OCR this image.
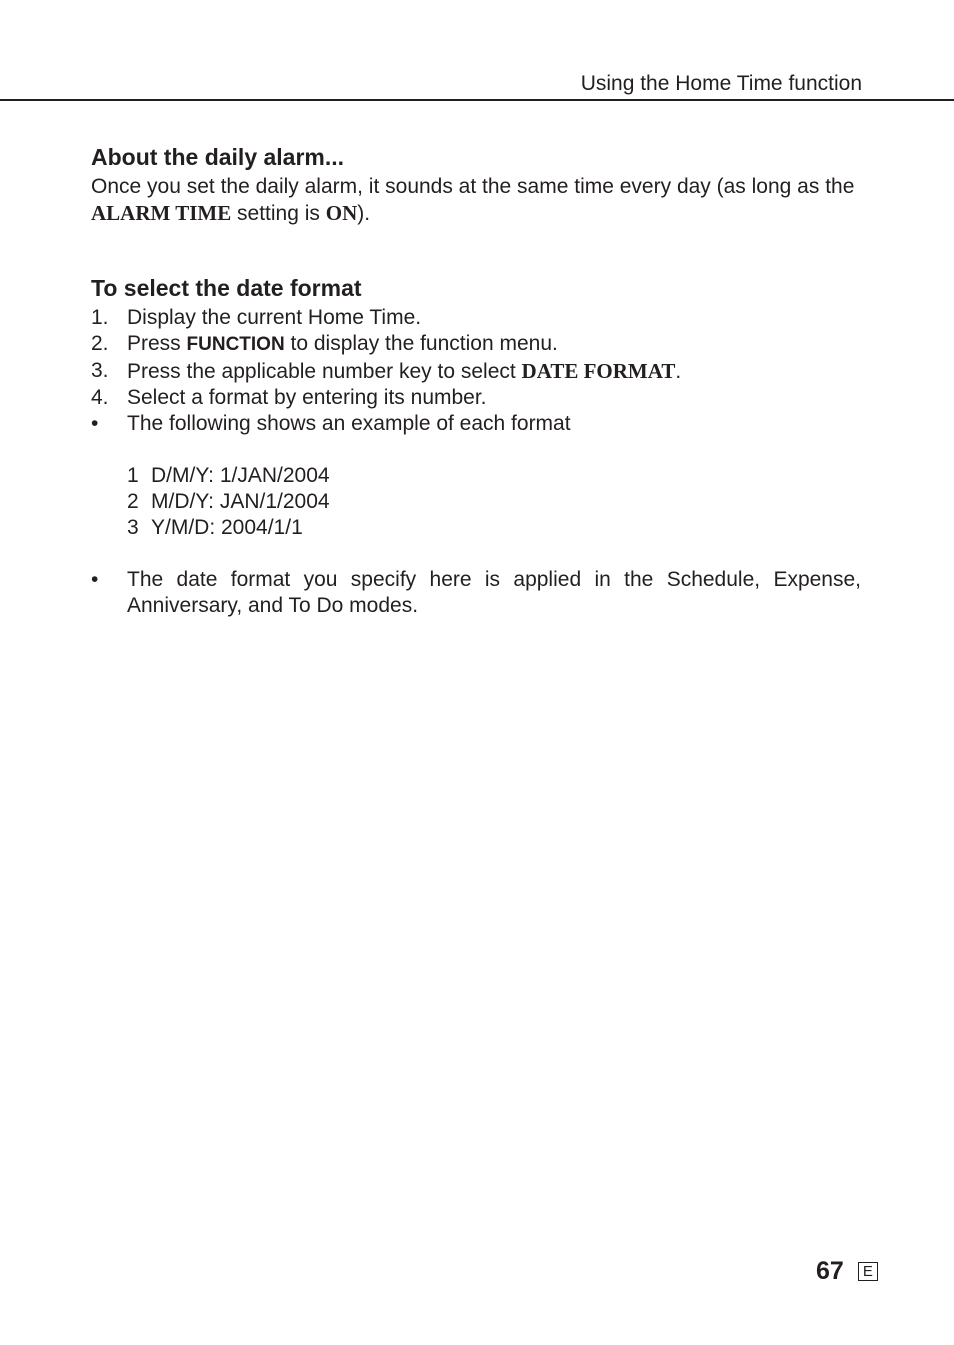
Using the Home Time function
About the daily alarm...

Once you set the daily alarm, it sounds at the same time every day (as long as the ALARM TIME setting is ON).

To select the date format
1. Display the current Home Time.
2. Press FUNCTION to display the function menu.
3. Press the applicable number key to select DATE FORMAT.
4. Select a format by entering its number.
• The following shows an example of each format
1 D/M/Y: 1/JAN/2004
2 M/D/Y: JAN/1/2004
3 Y/M/D: 2004/1/1
• The date format you specify here is applied in the Schedule, Expense, Anniversary, and To Do modes.
67	E
